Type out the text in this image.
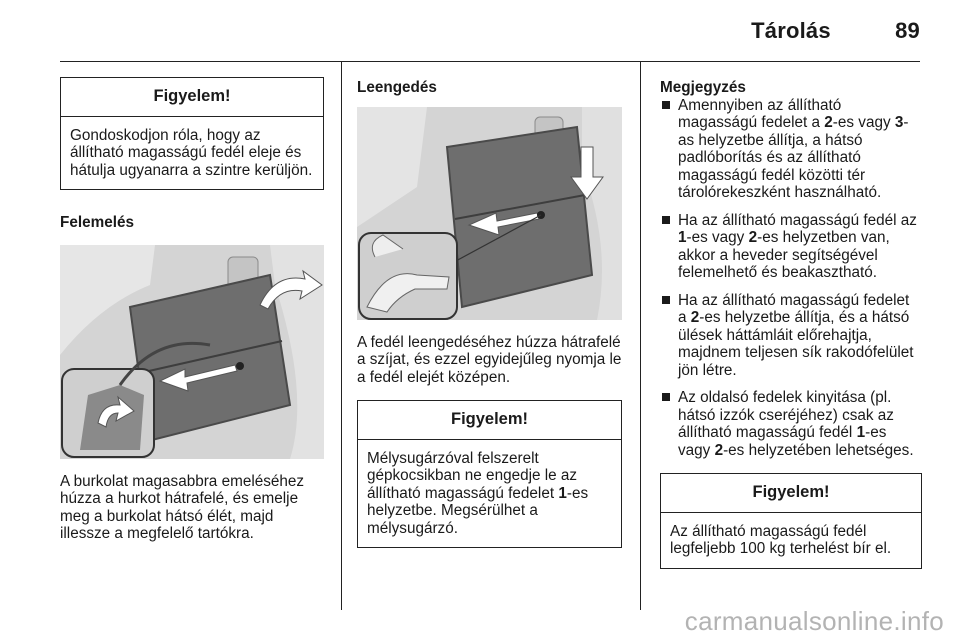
Tárolás	89
Figyelem!
Gondoskodjon róla, hogy az állítható magasságú fedél eleje és hátulja ugyanarra a szintre kerüljön.

Felemelés

A burkolat magasabbra emeléséhez húzza a hurkot hátrafelé, és emelje meg a burkolat hátsó élét, majd illessze a megfelelő tartókra.

Leengedés

A fedél leengedéséhez húzza hátrafelé a szíjat, és ezzel egyidejűleg nyomja le a fedél elejét középen.

Figyelem!
Mélysugárzóval felszerelt gépkocsikban ne engedje le az állítható magasságú fedelet 1-es helyzetbe. Megsérülhet a mélysugárzó.

Megjegyzés

Amennyiben az állítható magasságú fedelet a 2-es vagy 3-as helyzetbe állítja, a hátsó padlóborítás és az állítható magasságú fedél közötti tér tárolórekeszként használható.
Ha az állítható magasságú fedél az 1-es vagy 2-es helyzetben van, akkor a heveder segítségével felemelhető és beakasztható.
Ha az állítható magasságú fedelet a 2-es helyzetbe állítja, és a hátsó ülések háttámláit előrehajtja, majdnem teljesen sík rakodófelület jön létre.
Az oldalsó fedelek kinyitása (pl. hátsó izzók cseréjéhez) csak az állítható magasságú fedél 1-es vagy 2-es helyzetében lehetséges.
Figyelem!
Az állítható magasságú fedél legfeljebb 100 kg terhelést bír el.
carmanualsonline.info
